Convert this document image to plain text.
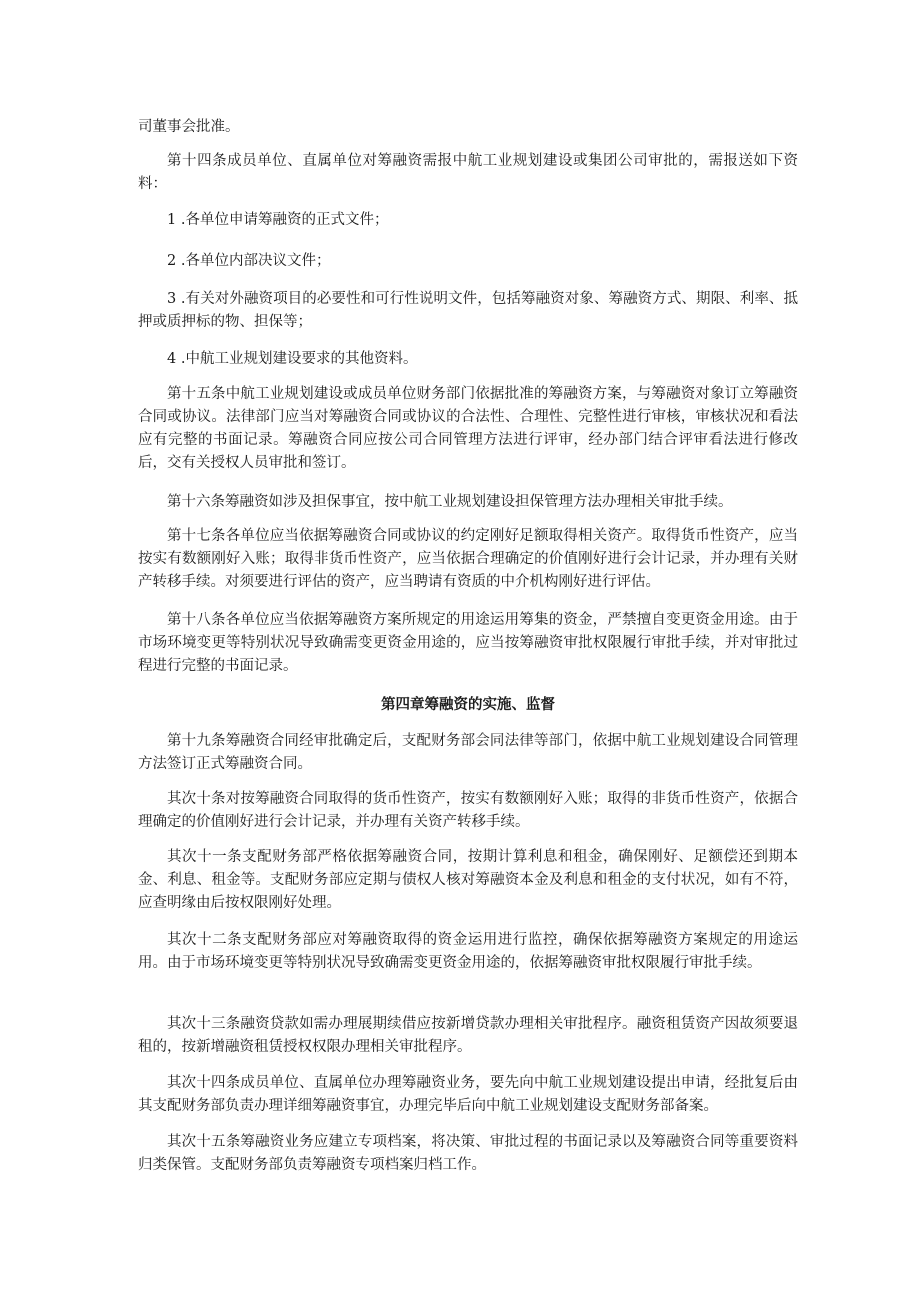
司董事会批准。

第十四条成员单位、直属单位对筹融资需报中航工业规划建设或集团公司审批的，需报送如下资料：

1 .各单位申请筹融资的正式文件；

2 .各单位内部决议文件；

3 .有关对外融资项目的必要性和可行性说明文件，包括筹融资对象、筹融资方式、期限、利率、抵押或质押标的物、担保等；

4 .中航工业规划建设要求的其他资料。

第十五条中航工业规划建设或成员单位财务部门依据批准的筹融资方案，与筹融资对象订立筹融资合同或协议。法律部门应当对筹融资合同或协议的合法性、合理性、完整性进行审核，审核状况和看法应有完整的书面记录。筹融资合同应按公司合同管理方法进行评审，经办部门结合评审看法进行修改后，交有关授权人员审批和签订。

第十六条筹融资如涉及担保事宜，按中航工业规划建设担保管理方法办理相关审批手续。

第十七条各单位应当依据筹融资合同或协议的约定刚好足额取得相关资产。取得货币性资产，应当按实有数额刚好入账；取得非货币性资产，应当依据合理确定的价值刚好进行会计记录，并办理有关财产转移手续。对须要进行评估的资产，应当聘请有资质的中介机构刚好进行评估。

第十八条各单位应当依据筹融资方案所规定的用途运用筹集的资金，严禁擅自变更资金用途。由于市场环境变更等特别状况导致确需变更资金用途的，应当按筹融资审批权限履行审批手续，并对审批过程进行完整的书面记录。

第四章筹融资的实施、监督

第十九条筹融资合同经审批确定后，支配财务部会同法律等部门，依据中航工业规划建设合同管理方法签订正式筹融资合同。

其次十条对按筹融资合同取得的货币性资产，按实有数额刚好入账；取得的非货币性资产，依据合理确定的价值刚好进行会计记录，并办理有关资产转移手续。

其次十一条支配财务部严格依据筹融资合同，按期计算利息和租金，确保刚好、足额偿还到期本金、利息、租金等。支配财务部应定期与债权人核对筹融资本金及利息和租金的支付状况，如有不符，应查明缘由后按权限刚好处理。

其次十二条支配财务部应对筹融资取得的资金运用进行监控，确保依据筹融资方案规定的用途运用。由于市场环境变更等特别状况导致确需变更资金用途的，依据筹融资审批权限履行审批手续。

其次十三条融资贷款如需办理展期续借应按新增贷款办理相关审批程序。融资租赁资产因故须要退租的，按新增融资租赁授权权限办理相关审批程序。

其次十四条成员单位、直属单位办理筹融资业务，要先向中航工业规划建设提出申请，经批复后由其支配财务部负责办理详细筹融资事宜，办理完毕后向中航工业规划建设支配财务部备案。

其次十五条筹融资业务应建立专项档案，将决策、审批过程的书面记录以及筹融资合同等重要资料归类保管。支配财务部负责筹融资专项档案归档工作。
